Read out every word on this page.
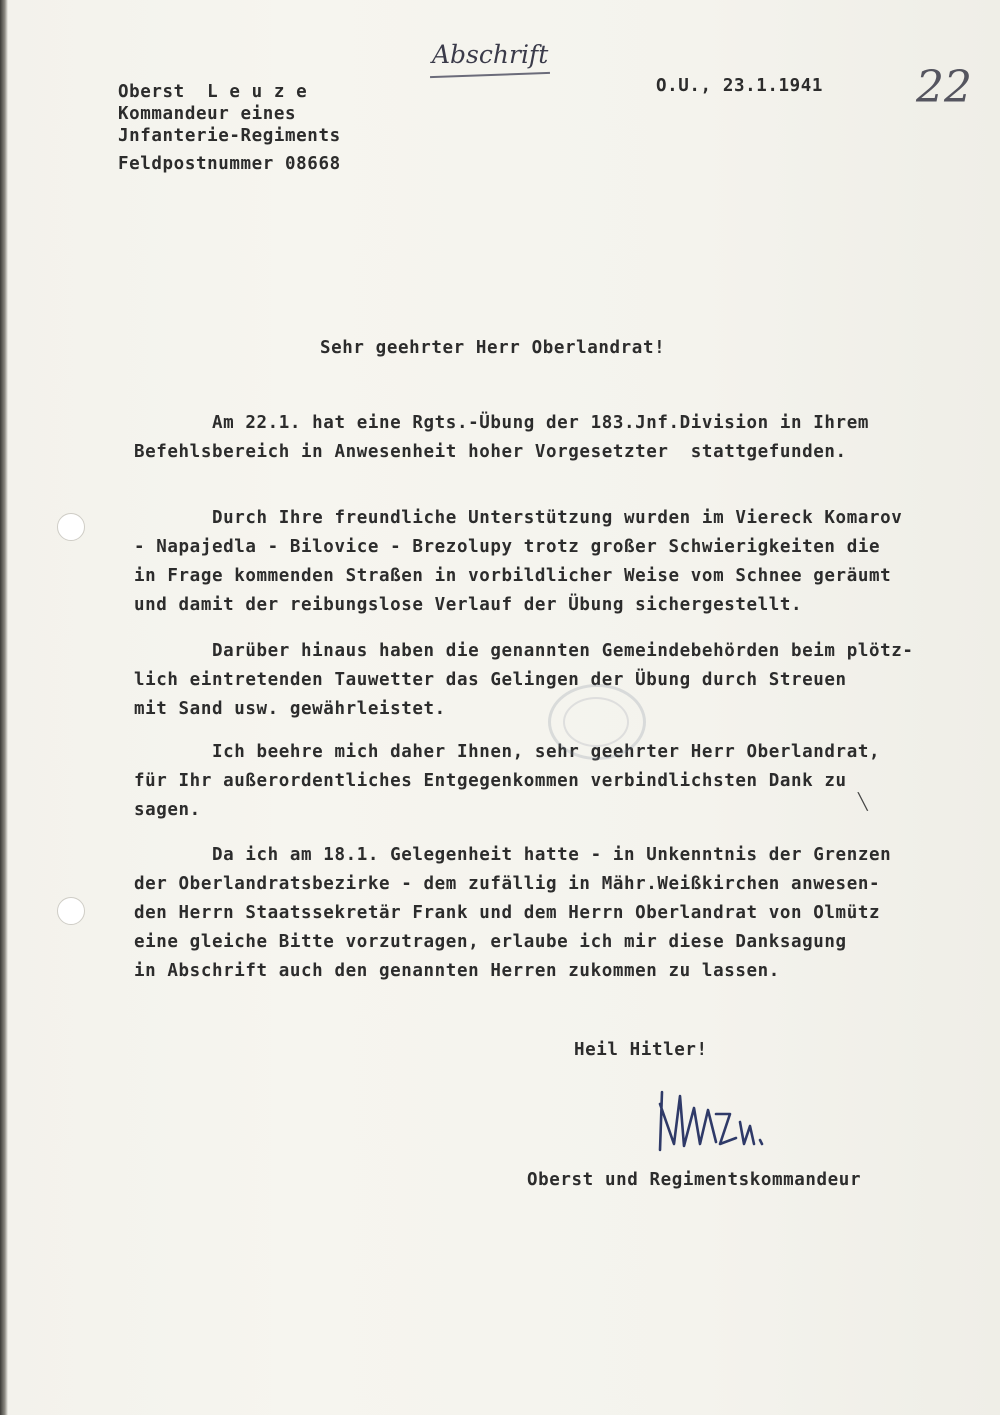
Abschrift
22
Oberst  L e u z e
Kommandeur eines
Jnfanterie-Regiments
Feldpostnummer 08668
O.U., 23.1.1941
Sehr geehrter Herr Oberlandrat!
Am 22.1. hat eine Rgts.-Übung der 183.Jnf.Division in Ihrem
Befehlsbereich in Anwesenheit hoher Vorgesetzter  stattgefunden.
Durch Ihre freundliche Unterstützung wurden im Viereck Komarov
- Napajedla - Bilovice - Brezolupy trotz großer Schwierigkeiten die
in Frage kommenden Straßen in vorbildlicher Weise vom Schnee geräumt
und damit der reibungslose Verlauf der Übung sichergestellt.
Darüber hinaus haben die genannten Gemeindebehörden beim plötz-
lich eintretenden Tauwetter das Gelingen der Übung durch Streuen
mit Sand usw. gewährleistet.
Ich beehre mich daher Ihnen, sehr geehrter Herr Oberlandrat,
für Ihr außerordentliches Entgegenkommen verbindlichsten Dank zu
sagen.
Da ich am 18.1. Gelegenheit hatte - in Unkenntnis der Grenzen
der Oberlandratsbezirke - dem zufällig in Mähr.Weißkirchen anwesen-
den Herrn Staatssekretär Frank und dem Herrn Oberlandrat von Olmütz
eine gleiche Bitte vorzutragen, erlaube ich mir diese Danksagung
in Abschrift auch den genannten Herren zukommen zu lassen.
╲
Heil Hitler!
Oberst und Regimentskommandeur
